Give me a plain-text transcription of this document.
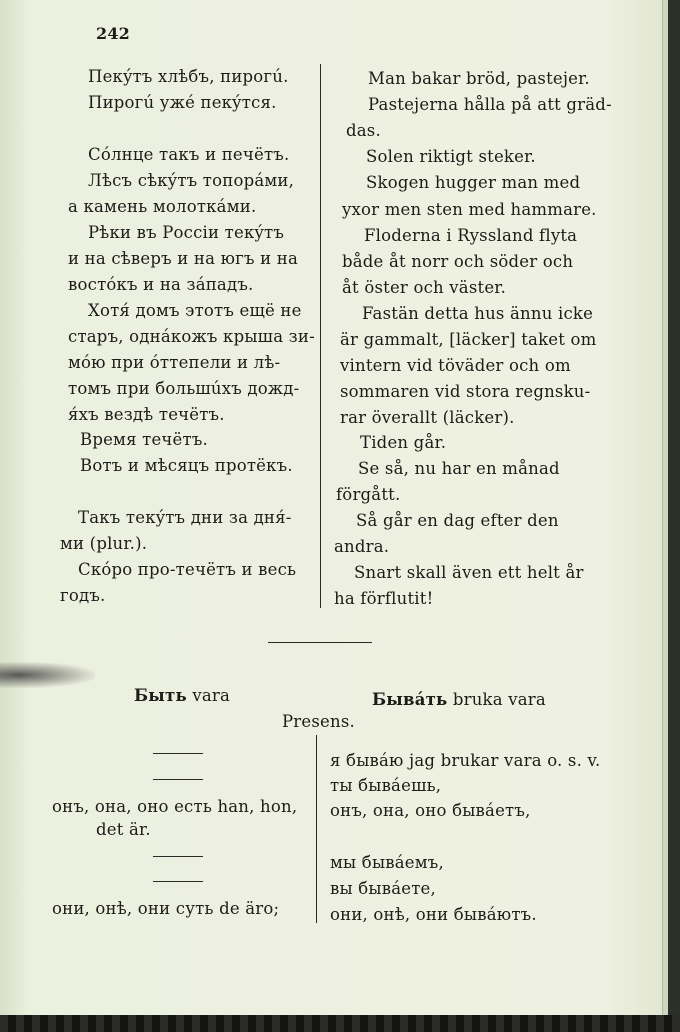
242
Пекýтъ хлѣбъ, пирогú.
Пирогú ужé пекýтся.
Сóлнце такъ и печётъ.
Лѣсъ сѣкýтъ топорáми,
а камень молоткáми.
Рѣки въ Россіи текýтъ
и на сѣверъ и на югъ и на
востóкъ и на зáпадъ.
Хотя́ домъ этотъ ещё не
старъ, однáкожъ крыша зи-
мóю при óттепели и лѣ-
томъ при большúхъ дожд-
я́хъ вездѣ течётъ.
Время течётъ.
Вотъ и мѣсяцъ протёкъ.
Такъ текýтъ дни за дня́-
ми (plur.).
Скóро про-течётъ и весь
годъ.
Man bakar bröd, pastejer.
Pastejerna hålla på att gräd-
das.
Solen riktigt steker.
Skogen hugger man med
yxor men sten med hammare.
Floderna i Ryssland flyta
både åt norr och söder och
åt öster och väster.
Fastän detta hus ännu icke
är gammalt, [läcker] taket om
vintern vid töväder och om
sommaren vid stora regnsku-
rar överallt (läcker).
Tiden går.
Se så, nu har en månad
förgått.
Så går en dag efter den
andra.
Snart skall även ett helt år
ha förflutit!
Быть vara	Бывáть bruka vara
Presens.
онъ, она, оно есть han, hon,
det är.
они, онѣ, они суть de äro;
я бывáю jag brukar vara o. s. v.
ты бывáешь,
онъ, она, оно бывáетъ,
мы бывáемъ,
вы бывáете,
они, онѣ, они бывáютъ.
